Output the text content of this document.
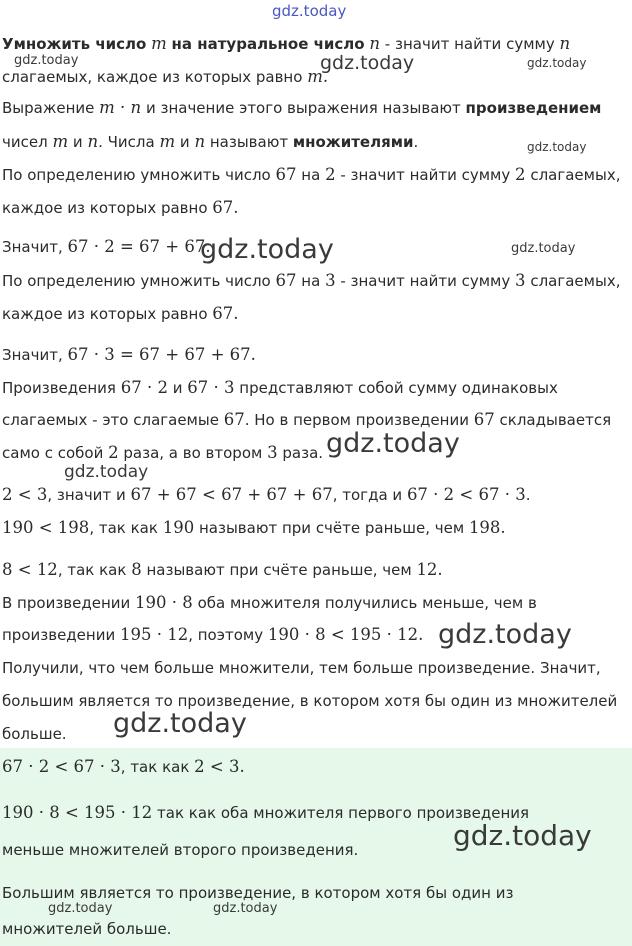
gdz.today
Умножить число m на натуральное число n - значит найти сумму n
слагаемых, каждое из которых равно m.
Выражение m · n и значение этого выражения называют произведением
чисел m и n. Числа m и n называют множителями.
По определению умножить число 67 на 2 - значит найти сумму 2 слагаемых,
каждое из которых равно 67.
Значит, 67 · 2 = 67 + 67.
По определению умножить число 67 на 3 - значит найти сумму 3 слагаемых,
каждое из которых равно 67.
Значит, 67 · 3 = 67 + 67 + 67.
Произведения 67 · 2 и 67 · 3 представляют собой сумму одинаковых
слагаемых - это слагаемые 67. Но в первом произведении 67 складывается
само с собой 2 раза, а во втором 3 раза.
2 < 3, значит и 67 + 67 < 67 + 67 + 67, тогда и 67 · 2 < 67 · 3.
190 < 198, так как 190 называют при счёте раньше, чем 198.
8 < 12, так как 8 называют при счёте раньше, чем 12.
В произведении 190 · 8 оба множителя получились меньше, чем в
произведении 195 · 12, поэтому 190 · 8 < 195 · 12.
Получили, что чем больше множители, тем больше произведение. Значит,
большим является то произведение, в котором хотя бы один из множителей
больше.
67 · 2 < 67 · 3, так как 2 < 3.
190 · 8 < 195 · 12 так как оба множителя первого произведения
меньше множителей второго произведения.
Большим является то произведение, в котором хотя бы один из
множителей больше.
gdz.today	gdz.today	gdz.today
gdz.today
gdz.today	gdz.today
gdz.today
gdz.today
gdz.today
gdz.today
gdz.today
gdz.today	gdz.today
